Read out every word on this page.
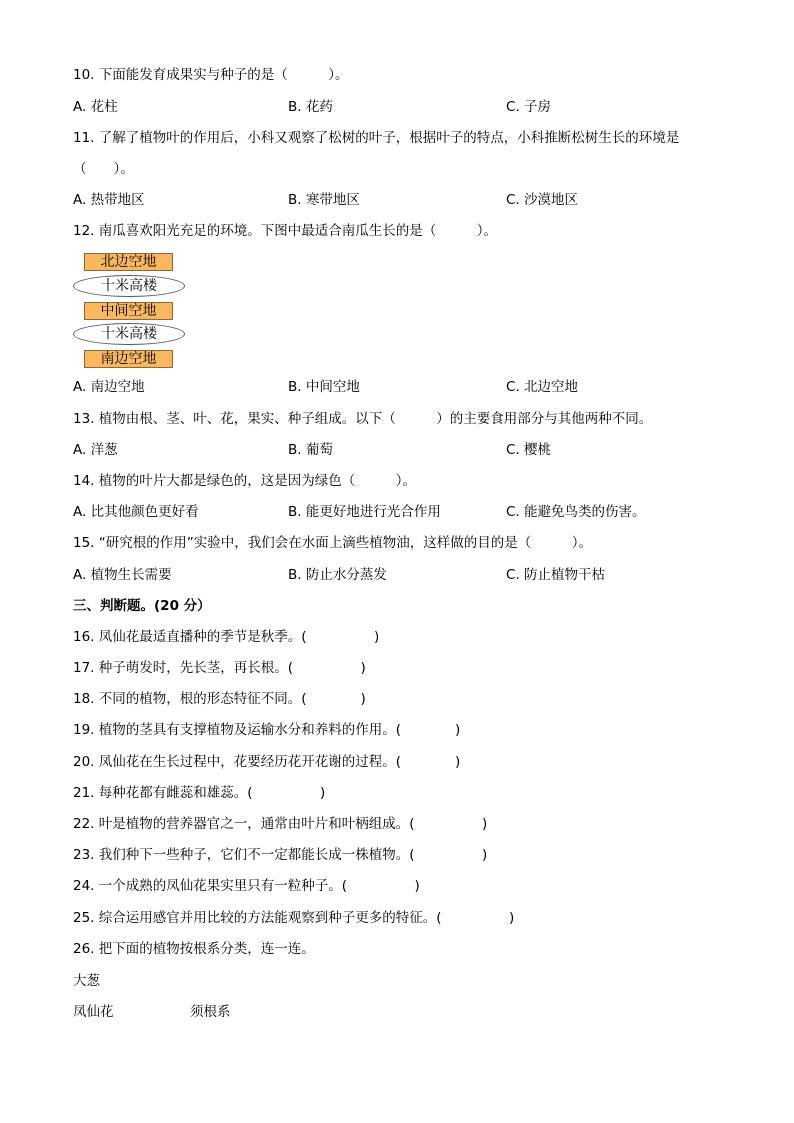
10. 下面能发育成果实与种子的是（　　　）。
A. 花柱	B. 花药	C. 子房
11. 了解了植物叶的作用后，小科又观察了松树的叶子，根据叶子的特点，小科推断松树生长的环境是
（　　）。
A. 热带地区	B. 寒带地区	C. 沙漠地区
12. 南瓜喜欢阳光充足的环境。下图中最适合南瓜生长的是（　　　）。
北边空地
十米高楼
中间空地
十米高楼
南边空地
A. 南边空地	B. 中间空地	C. 北边空地
13. 植物由根、茎、叶、花，果实、种子组成。以下（　　　）的主要食用部分与其他两种不同。
A. 洋葱	B. 葡萄	C. 樱桃
14. 植物的叶片大都是绿色的，这是因为绿色（　　　）。
A. 比其他颜色更好看	B. 能更好地进行光合作用	C. 能避免鸟类的伤害。
15. “研究根的作用”实验中，我们会在水面上滴些植物油，这样做的目的是（　　　）。
A. 植物生长需要	B. 防止水分蒸发	C. 防止植物干枯
三、判断题。(20 分）
16. 凤仙花最适直播种的季节是秋季。(　　　　　)
17. 种子萌发时，先长茎，再长根。(　　　　　)
18. 不同的植物，根的形态特征不同。(　　　　)
19. 植物的茎具有支撑植物及运输水分和养料的作用。(　　　　)
20. 凤仙花在生长过程中，花要经历花开花谢的过程。(　　　　)
21. 每种花都有雌蕊和雄蕊。(　　　　　)
22. 叶是植物的营养器官之一，通常由叶片和叶柄组成。(　　　　　)
23. 我们种下一些种子，它们不一定都能长成一株植物。(　　　　　)
24. 一个成熟的凤仙花果实里只有一粒种子。(　　　　　)
25. 综合运用感官并用比较的方法能观察到种子更多的特征。(　　　　　)
26. 把下面的植物按根系分类，连一连。
大葱
凤仙花	须根系
